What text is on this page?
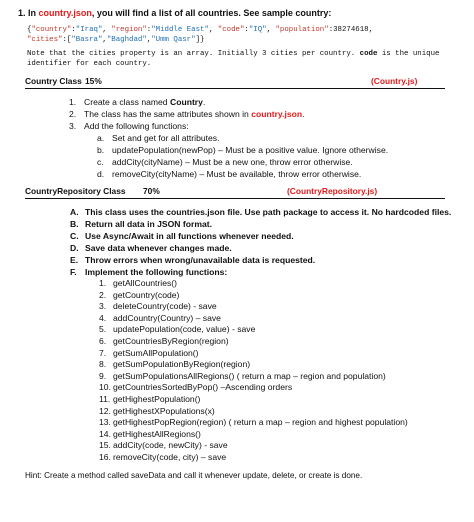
1. In country.json, you will find a list of all countries. See sample country:
{"country":"Iraq", "region":"Middle East", "code":"IQ", "population":38274618,
"cities":["Basra","Baghdad","Umm Qasr"]}
Note that the cities property is an array. Initially 3 cities per country. code is the unique
identifier for each country.
Country Class 15%	(Country.js)
1. Create a class named Country.
2. The class has the same attributes shown in country.json.
3. Add the following functions:
a. Set and get for all attributes.
b. updatePopulation(newPop) – Must be a positive value. Ignore otherwise.
c. addCity(cityName) – Must be a new one, throw error otherwise.
d. removeCity(cityName) – Must be available, throw error otherwise.
CountryRepository Class 70%	(CountryRepository.js)
A. This class uses the countries.json file. Use path package to access it. No hardcoded files.
B. Return all data in JSON format.
C. Use Async/Await in all functions whenever needed.
D. Save data whenever changes made.
E. Throw errors when wrong/unavailable data is requested.
F. Implement the following functions:
1. getAllCountries()
2. getCountry(code)
3. deleteCountry(code) - save
4. addCountry(Country) – save
5. updatePopulation(code, value) - save
6. getCountriesByRegion(region)
7. getSumAllPopulation()
8. getSumPopulationByRegion(region)
9. getSumPopulationsAllRegions() ( return a map – region and population)
10. getCountriesSortedByPop() –Ascending orders
11. getHighestPopulation()
12. getHighestXPopulations(x)
13. getHighestPopRegion(region) ( return a map – region and highest population)
14. getHighestAllRegions()
15. addCity(code, newCity) - save
16. removeCity(code, city) – save
Hint: Create a method called saveData and call it whenever update, delete, or create is done.
